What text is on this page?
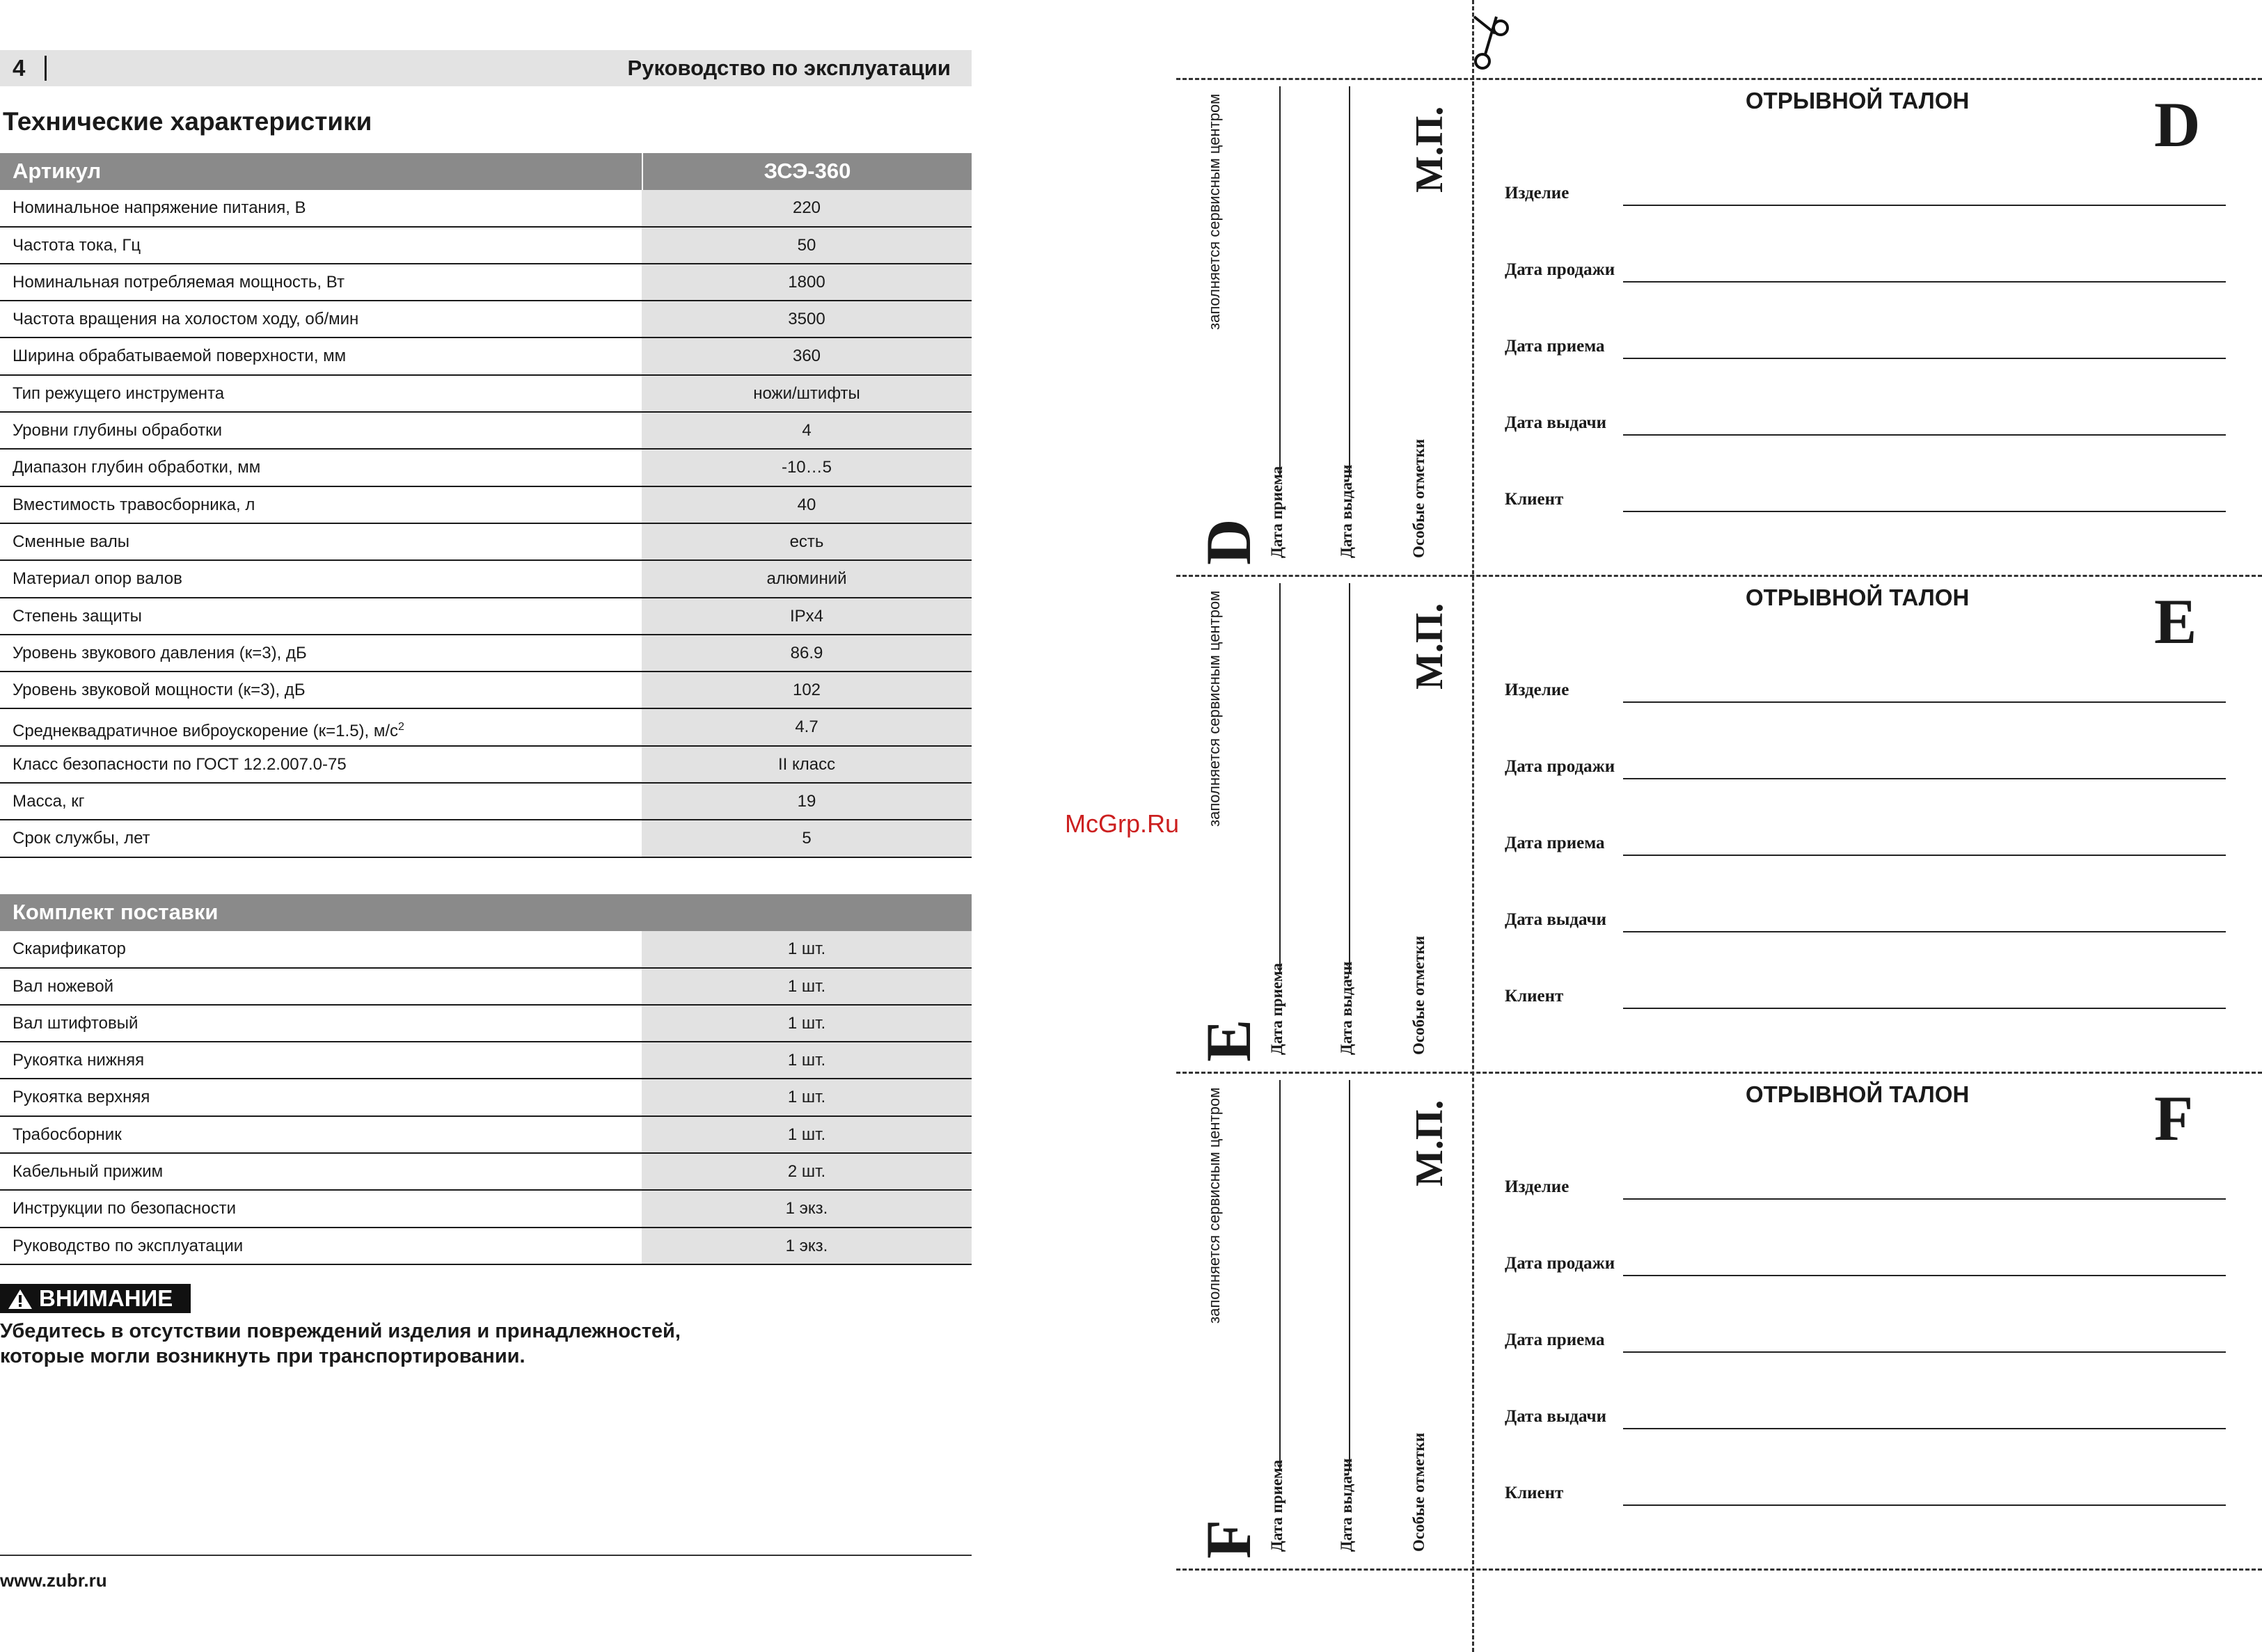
4	Руководство по эксплуатации
Технические характеристики
Артикул	ЗСЭ-360
Номинальное напряжение питания, В	220
Частота тока, Гц	50
Номинальная потребляемая мощность, Вт	1800
Частота вращения на холостом ходу, об/мин	3500
Ширина обрабатываемой поверхности, мм	360
Тип режущего инструмента	ножи/штифты
Уровни глубины обработки	4
Диапазон глубин обработки, мм	-10…5
Вместимость травосборника, л	40
Сменные валы	есть
Материал опор валов	алюминий
Степень защиты	IPx4
Уровень звукового давления (к=3), дБ	86.9
Уровень звуковой мощности (к=3), дБ	102
Среднеквадратичное виброускорение (к=1.5), $м/с^2$	4.7
Класс безопасности по ГОСТ 12.2.007.0-75	II класс
Масса, кг	19
Срок службы, лет	5
Комплект поставки
Скарификатор	1 шт.
Вал ножевой	1 шт.
Вал штифтовый	1 шт.
Рукоятка нижняя	1 шт.
Рукоятка верхняя	1 шт.
Трабосборник	1 шт.
Кабельный прижим	2 шт.
Инструкции по безопасности	1 экз.
Руководство по эксплуатации	1 экз.
ВНИМАНИЕ
Убедитесь в отсутствии повреждений изделия и принадлежностей,
которые могли возникнуть при транспортировании.
www.zubr.ru
McGrp.Ru
D
заполняется сервисным центром
Дата приема	Дата выдачи
М.П.
Особые отметки
ОТРЫВНОЙ ТАЛОН	D
Изделие
Дата продажи
Дата приема
Дата выдачи
Клиент
E
заполняется сервисным центром
Дата приема	Дата выдачи
М.П.
Особые отметки
ОТРЫВНОЙ ТАЛОН	E
Изделие
Дата продажи
Дата приема
Дата выдачи
Клиент
F
заполняется сервисным центром
Дата приема	Дата выдачи
М.П.
Особые отметки
ОТРЫВНОЙ ТАЛОН	F
Изделие
Дата продажи
Дата приема
Дата выдачи
Клиент
